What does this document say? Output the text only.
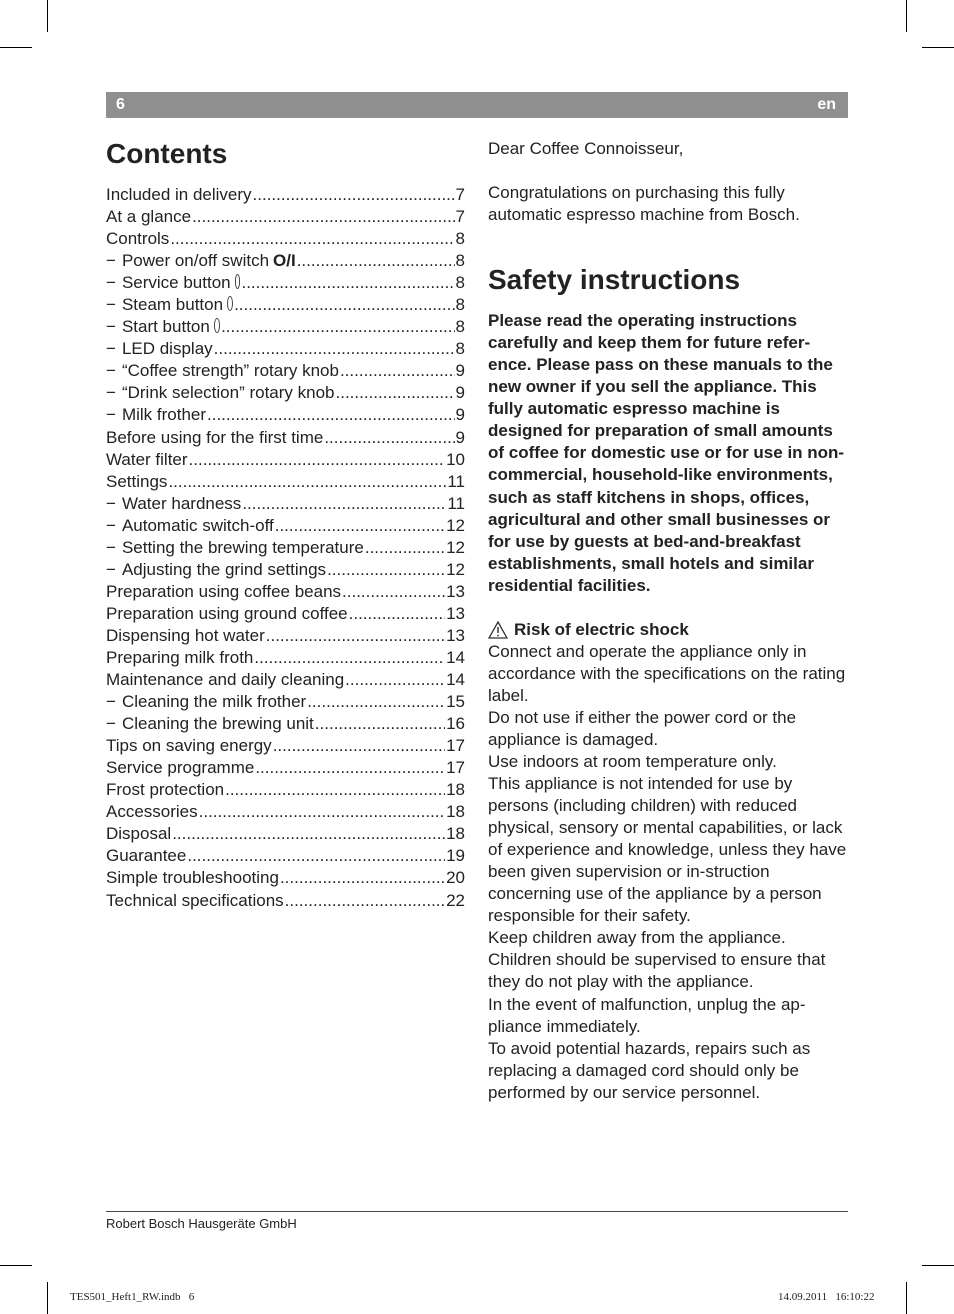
6	en
Contents
Included in delivery .....	7
At a glance .....	7
Controls .....	8
− Power on/off switch O/I .....	8
− Service button .....	8
− Steam button .....	8
− Start button .....	8
− LED display .....	8
− “Coffee strength” rotary knob .....	9
− “Drink selection” rotary knob .....	9
− Milk frother .....	9
Before using for the first time .....	9
Water filter .....	10
Settings .....	11
− Water hardness .....	11
− Automatic switch-off .....	12
− Setting the brewing temperature .....	12
− Adjusting the grind settings .....	12
Preparation using coffee beans .....	13
Preparation using ground coffee .....	13
Dispensing hot water .....	13
Preparing milk froth .....	14
Maintenance and daily cleaning .....	14
− Cleaning the milk frother .....	15
− Cleaning the brewing unit .....	16
Tips on saving energy .....	17
Service programme .....	17
Frost protection .....	18
Accessories .....	18
Disposal .....	18
Guarantee .....	19
Simple troubleshooting .....	20
Technical specifications .....	22

Dear Coffee Connoisseur,

Congratulations on purchasing this fully automatic espresso machine from Bosch.

Safety instructions

Please read the operating instructions carefully and keep them for future refer-ence. Please pass on these manuals to the new owner if you sell the appliance. This fully automatic espresso machine is designed for preparation of small amounts of coffee for domestic use or for use in non-commercial, household-like environments, such as staff kitchens in shops, offices, agricultural and other small businesses or for use by guests at bed-and-breakfast establishments, small hotels and similar residential facilities.

Risk of electric shock

Connect and operate the appliance only in accordance with the specifications on the rating label.

Do not use if either the power cord or the appliance is damaged.

Use indoors at room temperature only.

This appliance is not intended for use by persons (including children) with reduced physical, sensory or mental capabilities, or lack of experience and knowledge, unless they have been given supervision or in-struction concerning use of the appliance by a person responsible for their safety.

Keep children away from the appliance.

Children should be supervised to ensure that they do not play with the appliance.

In the event of malfunction, unplug the ap-pliance immediately.

To avoid potential hazards, repairs such as replacing a damaged cord should only be performed by our service personnel.

Robert Bosch Hausgeräte GmbH
TES501_Heft1_RW.indb   6	14.09.2011   16:10:22
